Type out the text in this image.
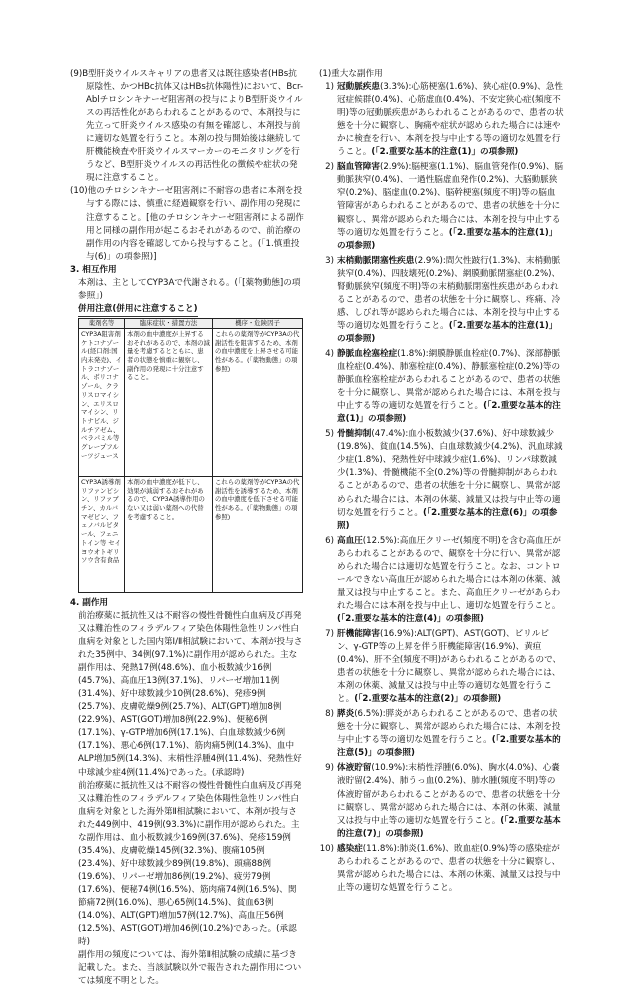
(9)B型肝炎ウイルスキャリアの患者又は既往感染者(HBs抗原陰性、かつHBc抗体又はHBs抗体陽性)において、Bcr-Ablチロシンキナーゼ阻害剤の投与によりB型肝炎ウイルスの再活性化があらわれることがあるので、本剤投与に先立って肝炎ウイルス感染の有無を確認し、本剤投与前に適切な処置を行うこと。本剤の投与開始後は継続して肝機能検査や肝炎ウイルスマーカーのモニタリングを行うなど、B型肝炎ウイルスの再活性化の徴候や症状の発現に注意すること。

(10)他のチロシンキナーゼ阻害剤に不耐容の患者に本剤を投与する際には、慎重に経過観察を行い、副作用の発現に注意すること。[他のチロシンキナーゼ阻害剤による副作用と同様の副作用が起こるおそれがあるので、前治療の副作用の内容を確認してから投与すること。(「1.慎重投与(6)」の項参照)]

3. 相互作用

本剤は、主としてCYP3Aで代謝される。(「[薬物動態]の項参照」)

併用注意(併用に注意すること)
薬剤名等	臨床症状・措置方法	機序・危険因子
CYP3A阻害剤 ケトコナゾール(経口剤:国内未発売)、イトラコナゾール、ボリコナゾール、クラリスロマイシン、エリスロマイシン、リトナビル、ジルチアゼム、ベラパミル等 グレープフルーツジュース	本剤の血中濃度が上昇するおそれがあるので、本剤の減量を考慮するとともに、患者の状態を慎重に観察し、副作用の発現に十分注意すること。	これらの薬剤等がCYP3Aの代謝活性を阻害するため、本剤の血中濃度を上昇させる可能性がある。(「薬物動態」の項参照)
CYP3A誘導剤 リファンピシン、リファブチン、カルバマゼピン、フェノバルビタール、フェニトイン等 セイヨウオトギリソウ含有食品	本剤の血中濃度が低下し、効果が減弱するおそれがあるので、CYP3A誘導作用のない又は弱い薬剤への代替を考慮すること。	これらの薬剤等がCYP3Aの代謝活性を誘導するため、本剤の血中濃度を低下させる可能性がある。(「薬物動態」の項参照)

4. 副作用

前治療薬に抵抗性又は不耐容の慢性骨髄性白血病及び再発又は難治性のフィラデルフィア染色体陽性急性リンパ性白血病を対象とした国内第Ⅰ/Ⅱ相試験において、本剤が投与された35例中、34例(97.1%)に副作用が認められた。主な副作用は、発熱17例(48.6%)、血小板数減少16例(45.7%)、高血圧13例(37.1%)、リパーゼ増加11例(31.4%)、好中球数減少10例(28.6%)、発疹9例(25.7%)、皮膚乾燥9例(25.7%)、ALT(GPT)増加8例(22.9%)、AST(GOT)増加8例(22.9%)、便秘6例(17.1%)、γ-GTP増加6例(17.1%)、白血球数減少6例(17.1%)、悪心6例(17.1%)、筋肉痛5例(14.3%)、血中ALP増加5例(14.3%)、末梢性浮腫4例(11.4%)、発熱性好中球減少症4例(11.4%)であった。(承認時)

前治療薬に抵抗性又は不耐容の慢性骨髄性白血病及び再発又は難治性のフィラデルフィア染色体陽性急性リンパ性白血病を対象とした海外第Ⅱ相試験において、本剤が投与された449例中、419例(93.3%)に副作用が認められた。主な副作用は、血小板数減少169例(37.6%)、発疹159例(35.4%)、皮膚乾燥145例(32.3%)、腹痛105例(23.4%)、好中球数減少89例(19.8%)、頭痛88例(19.6%)、リパーゼ増加86例(19.2%)、疲労79例(17.6%)、便秘74例(16.5%)、筋肉痛74例(16.5%)、関節痛72例(16.0%)、悪心65例(14.5%)、貧血63例(14.0%)、ALT(GPT)増加57例(12.7%)、高血圧56例(12.5%)、AST(GOT)増加46例(10.2%)であった。(承認時)

副作用の頻度については、海外第Ⅱ相試験の成績に基づき記載した。また、当該試験以外で報告された副作用については頻度不明とした。

(1)重大な副作用

1) 冠動脈疾患(3.3%):心筋梗塞(1.6%)、狭心症(0.9%)、急性冠症候群(0.4%)、心筋虚血(0.4%)、不安定狭心症(頻度不明)等の冠動脈疾患があらわれることがあるので、患者の状態を十分に観察し、胸痛や症状が認められた場合には速やかに検査を行い、本剤を投与中止する等の適切な処置を行うこと。(「2.重要な基本的注意(1)」の項参照)
2) 脳血管障害(2.9%):脳梗塞(1.1%)、脳血管発作(0.9%)、脳動脈狭窄(0.4%)、一過性脳虚血発作(0.2%)、大脳動脈狭窄(0.2%)、脳虚血(0.2%)、脳幹梗塞(頻度不明)等の脳血管障害があらわれることがあるので、患者の状態を十分に観察し、異常が認められた場合には、本剤を投与中止する等の適切な処置を行うこと。(「2.重要な基本的注意(1)」の項参照)
3) 末梢動脈閉塞性疾患(2.9%):間欠性跛行(1.3%)、末梢動脈狭窄(0.4%)、四肢壊死(0.2%)、網膜動脈閉塞症(0.2%)、腎動脈狭窄(頻度不明)等の末梢動脈閉塞性疾患があらわれることがあるので、患者の状態を十分に観察し、疼痛、冷感、しびれ等が認められた場合には、本剤を投与中止する等の適切な処置を行うこと。(「2.重要な基本的注意(1)」の項参照)
4) 静脈血栓塞栓症(1.8%):網膜静脈血栓症(0.7%)、深部静脈血栓症(0.4%)、肺塞栓症(0.4%)、静脈塞栓症(0.2%)等の静脈血栓塞栓症があらわれることがあるので、患者の状態を十分に観察し、異常が認められた場合には、本剤を投与中止する等の適切な処置を行うこと。(「2.重要な基本的注意(1)」の項参照)
5) 骨髄抑制(47.4%):血小板数減少(37.6%)、好中球数減少(19.8%)、貧血(14.5%)、白血球数減少(4.2%)、汎血球減少症(1.8%)、発熱性好中球減少症(1.6%)、リンパ球数減少(1.3%)、骨髄機能不全(0.2%)等の骨髄抑制があらわれることがあるので、患者の状態を十分に観察し、異常が認められた場合には、本剤の休薬、減量又は投与中止等の適切な処置を行うこと。(「2.重要な基本的注意(6)」の項参照)
6) 高血圧(12.5%):高血圧クリーゼ(頻度不明)を含む高血圧があらわれることがあるので、観察を十分に行い、異常が認められた場合には適切な処置を行うこと。なお、コントロールできない高血圧が認められた場合には本剤の休薬、減量又は投与中止すること。また、高血圧クリーゼがあらわれた場合には本剤を投与中止し、適切な処置を行うこと。(「2.重要な基本的注意(4)」の項参照)
7) 肝機能障害(16.9%):ALT(GPT)、AST(GOT)、ビリルビン、γ-GTP等の上昇を伴う肝機能障害(16.9%)、黄疸(0.4%)、肝不全(頻度不明)があらわれることがあるので、患者の状態を十分に観察し、異常が認められた場合には、本剤の休薬、減量又は投与中止等の適切な処置を行うこと。(「2.重要な基本的注意(2)」の項参照)
8) 膵炎(6.5%):膵炎があらわれることがあるので、患者の状態を十分に観察し、異常が認められた場合には、本剤を投与中止する等の適切な処置を行うこと。(「2.重要な基本的注意(5)」の項参照)
9) 体液貯留(10.9%):末梢性浮腫(6.0%)、胸水(4.0%)、心嚢液貯留(2.4%)、肺うっ血(0.2%)、肺水腫(頻度不明)等の体液貯留があらわれることがあるので、患者の状態を十分に観察し、異常が認められた場合には、本剤の休薬、減量又は投与中止等の適切な処置を行うこと。(「2.重要な基本的注意(7)」の項参照)
10) 感染症(11.8%):肺炎(1.6%)、敗血症(0.9%)等の感染症があらわれることがあるので、患者の状態を十分に観察し、異常が認められた場合には、本剤の休薬、減量又は投与中止等の適切な処置を行うこと。
